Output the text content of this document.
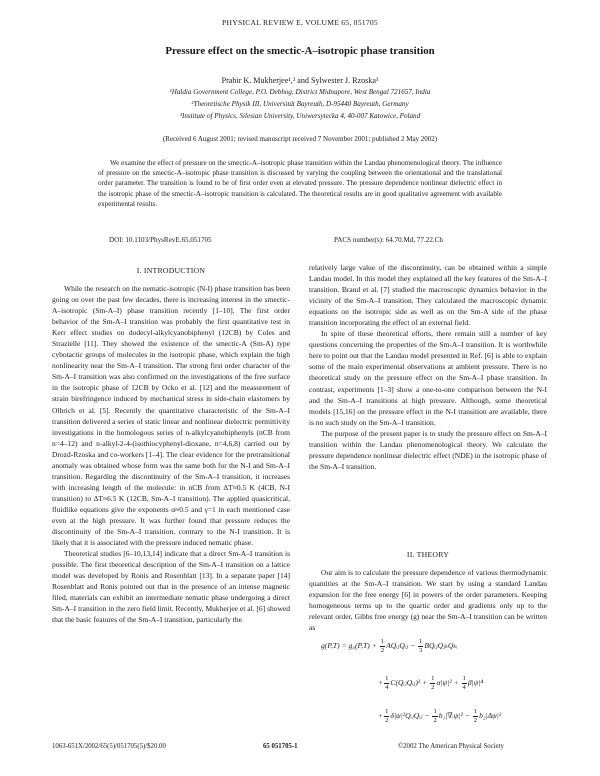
PHYSICAL REVIEW E, VOLUME 65, 051705
Pressure effect on the smectic-A–isotropic phase transition
Prabir K. Mukherjee¹,² and Sylwester J. Rzoska³
¹Haldia Government College, P.O. Debhog, District Midnapore, West Bengal 721657, India
²Theoretische Physik III, Universität Bayreuth, D-95440 Bayreuth, Germany
³Institute of Physics, Silesian University, Uniwersytecka 4, 40-007 Katowice, Poland
(Received 6 August 2001; revised manuscript received 7 November 2001; published 2 May 2002)

We examine the effect of pressure on the smectic-A–isotropic phase transition within the Landau phenomenological theory. The influence of pressure on the smectic-A–isotropic phase transition is discussed by varying the coupling between the orientational and the translational order parameter. The transition is found to be of first order even at elevated pressure. The pressure dependence nonlinear dielectric effect in the isotropic phase of the smectic-A–isotropic transition is calculated. The theoretical results are in good qualitative agreement with available experimental results.

DOI: 10.1103/PhysRevE.65.051705	PACS number(s): 64.70.Md, 77.22.Ch
I. INTRODUCTION

While the research on the nematic-isotropic (N-I) phase transition has been going on over the past few decades, there is increasing interest in the smectic-A–isotropic (Sm-A–I) phase transition recently [1–10]. The first order behavior of the Sm-A–I transition was probably the first quantitative test in Kerr effect studies on dodecyl-alkylcyanobiphenyl (12CB) by Coles and Strazielle [11]. They showed the existence of the smectic-A (Sm-A) type cybotactic groups of molecules in the isotropic phase, which explain the high nonlinearity near the Sm-A–I transition. The strong first order character of the Sm-A–I transition was also confirmed on the investigations of the free surface in the isotropic phase of 12CB by Ocko et al. [12] and the measurement of strain birefringence induced by mechanical stress in side-chain elastomers by Olbrich et al. [5]. Recently the quantitative characteristic of the Sm-A–I transition delivered a series of static linear and nonlinear dielectric permittivity investigations in the homologous series of n-alkylcyanobiphenyls (nCB from n=4–12) and n-alkyl-2-4-(isothiocyphenyl-dioxane, n=4,6,8) carried out by Drozd-Rzoska and co-workers [1–4]. The clear evidence for the pretransitional anomaly was obtained whose form was the same both for the N-I and Sm-A–I transition. Regarding the discontinuity of the Sm-A–I transition, it increases with increasing length of the molecule: in nCB from ΔT≈0.5 K (4CB, N-I transition) to ΔT≈6.5 K (12CB, Sm-A–I transition). The applied quasicritical, fluidlike equations give the exponents α≈0.5 and γ=1 in each mentioned case even at the high pressure. It was further found that pressure reduces the discontinuity of the Sm-A–I transition, contrary to the N-I transition. It is likely that it is associated with the pressure induced nematic phase.

Theoretical studies [6–10,13,14] indicate that a direct Sm-A–I transition is possible. The first theoretical description of the Sm-A–I transition on a lattice model was developed by Ronis and Rosenblatt [13]. In a separate paper [14] Rosenblatt and Ronis pointed out that in the presence of an intense magnetic filed, materials can exhibit an intermediate nematic phase undergoing a direct Sm-A–I transition in the zero field limit. Recently, Mukherjee et al. [6] showed that the basic features of the Sm-A–I transition, particularly the

relatively large value of the discontinuity, can be obtained within a simple Landau model. In this model they explained all the key features of the Sm-A–I transition. Brand et al. [7] studied the macroscopic dynamics behavior in the vicinity of the Sm-A–I transition. They calculated the macroscopic dynamic equations on the isotropic side as well as on the Sm-A side of the phase transition incorporating the effect of an external field.

In spite of these theoretical efforts, there remain still a number of key questions concerning the properties of the Sm-A–I transition. It is worthwhile here to point out that the Landau model presented in Ref. [6] is able to explain some of the main experimental observations at ambient pressure. There is no theoretical study on the pressure effect on the Sm-A–I phase transition. In contrast, experiments [1–3] show a one-to-one comparison between the N-I and the Sm-A–I transitions at high pressure. Although, some theoretical models [15,16] on the pressure effect in the N-I transition are available, there is no such study on the Sm-A–I transition.

The purpose of the present paper is to study the pressure effect on Sm-A–I transition within the Landau phenomenological theory. We calculate the pressure dependence nonlinear dielectric effect (NDE) in the isotropic phase of the Sm-A–I transition.

II. THEORY

Our aim is to calculate the pressure dependence of various thermodynamic quantities at the Sm-A–I transition. We start by using a standard Landau expansion for the free energy [6] in powers of the order parameters. Keeping homogeneous terms up to the quartic order and gradients only up to the relevant order, Gibbs free energy (g) near the Sm-A–I transition can be written as

$g(P,T) = g_0(P,T) + \frac{1}{2}$ AQᵢⱼQᵢⱼ − $\frac{1}{3}$ BQᵢⱼQⱼₖQₖᵢ
+ $\frac{1}{4}$ C(QᵢⱼQᵢⱼ)² + $\frac{1}{2} \alpha|\psi|^2 + \frac{1}{4} \beta|\psi|^4$
+ $\frac{1}{2}$ δ|ψ|²QᵢⱼQᵢⱼ − $\frac{1}{2}$ b₁|∇ᵢψ|² − $\frac{1}{2} b_2|\Delta\psi|^2$
1063-651X/2002/65(5)/051705(5)/$20.00	65 051705-1	©2002 The American Physical Society
